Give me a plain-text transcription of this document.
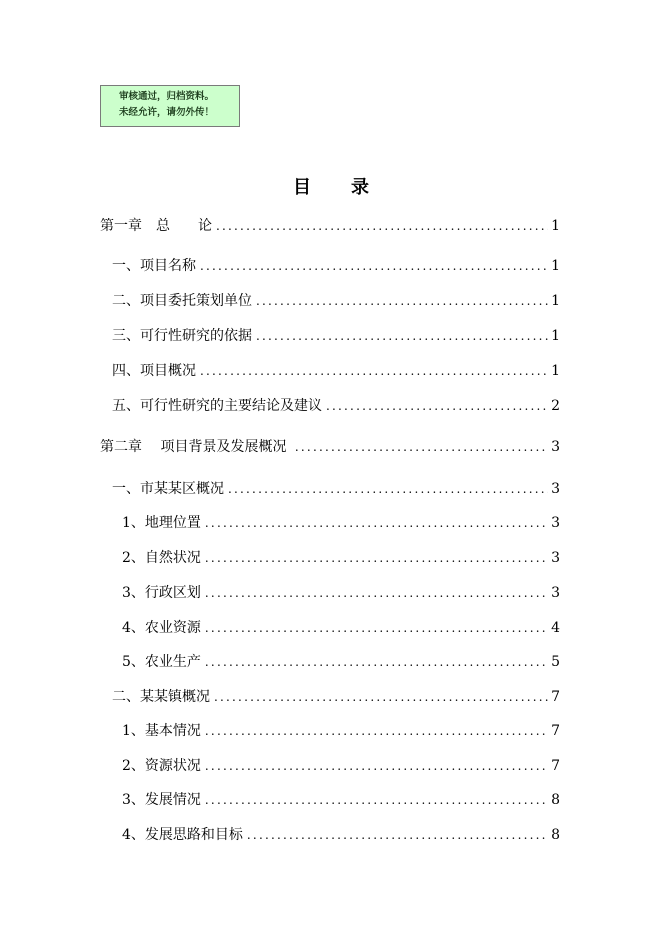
审核通过，归档资料。
未经允许，请勿外传！
目录
第一章　总　　论 .....	1
一、项目名称 .....	1
二、项目委托策划单位 .....	1
三、可行性研究的依据 .....	1
四、项目概况 .....	1
五、可行性研究的主要结论及建议 .....	2
第二章　 项目背景及发展概况 .....	3
一、市某某区概况 .....	3
1、地理位置 .....	3
2、自然状况 .....	3
3、行政区划 .....	3
4、农业资源 .....	4
5、农业生产 .....	5
二、某某镇概况 .....	7
1、基本情况 .....	7
2、资源状况 .....	7
3、发展情况 .....	8
4、发展思路和目标 .....	8
